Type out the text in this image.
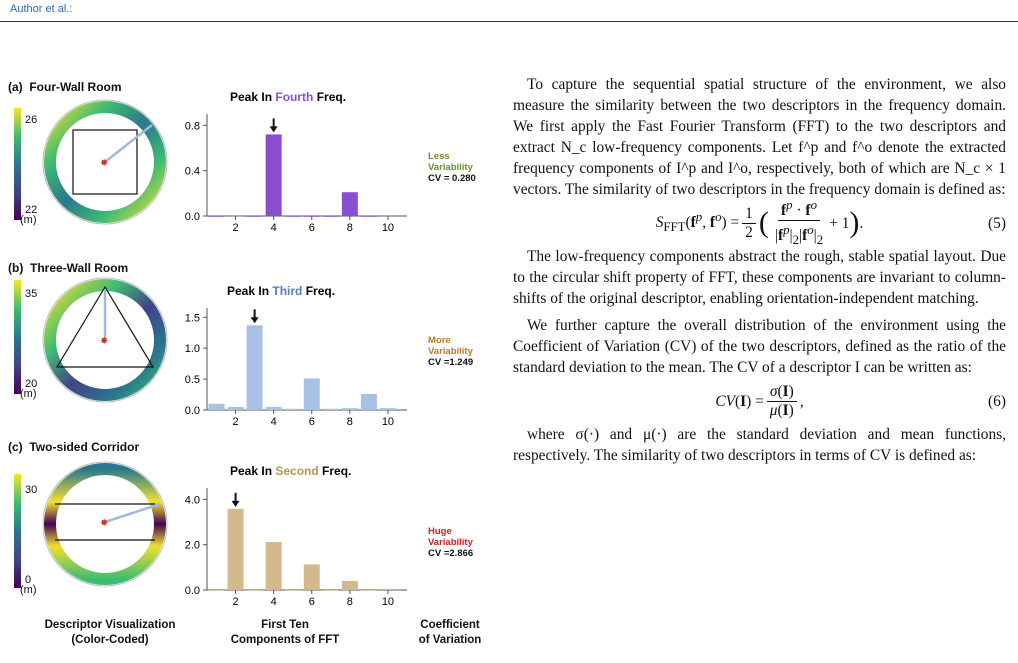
Author et al.:
(a) Four-Wall Room
26
22
(m)
✸
Peak In Fourth Freq.
0.0
0.4
0.8
2	4	6	8	10
Less
Variability
CV = 0.280
(b) Three-Wall Room
35
20
(m)
✸
Peak In Third Freq.
0.0
0.5
1.0
1.5
2	4	6	8	10
More
Variability
CV =1.249
(c) Two-sided Corridor
30
0
(m)
✸
Peak In Second Freq.
0.0
2.0
4.0
2	4	6	8	10
Huge
Variability
CV =2.866
Descriptor Visualization
(Color-Coded)
First Ten
Components of FFT
Coefficient
of Variation

To capture the sequential spatial structure of the environment, we also measure the similarity between the two descriptors in the frequency domain. We first apply the Fast Fourier Transform (FFT) to the two descriptors and extract N_c low-frequency components. Let f^p and f^o denote the extracted frequency components of I^p and I^o, respectively, both of which are N_c × 1 vectors. The similarity of two descriptors in the frequency domain is defined as:

$S_{FFT}(f^p$, $f^o) = \frac{1}{2}$ ( $\frac{f^p \cdot f^o}{|f^p|_2|f^o|_2} + 1$ ) .	(5)

The low-frequency components abstract the rough, stable spatial layout. Due to the circular shift property of FFT, these components are invariant to column-shifts of the original descriptor, enabling orientation-independent matching.

We further capture the overall distribution of the environment using the Coefficient of Variation (CV) of the two descriptors, defined as the ratio of the standard deviation to the mean. The CV of a descriptor I can be written as:

$CV(I) = \frac{\sigma(I)}{\mu(I)}$ ,	(6)

where σ(·) and μ(·) are the standard deviation and mean functions, respectively. The similarity of two descriptors in terms of CV is defined as:
